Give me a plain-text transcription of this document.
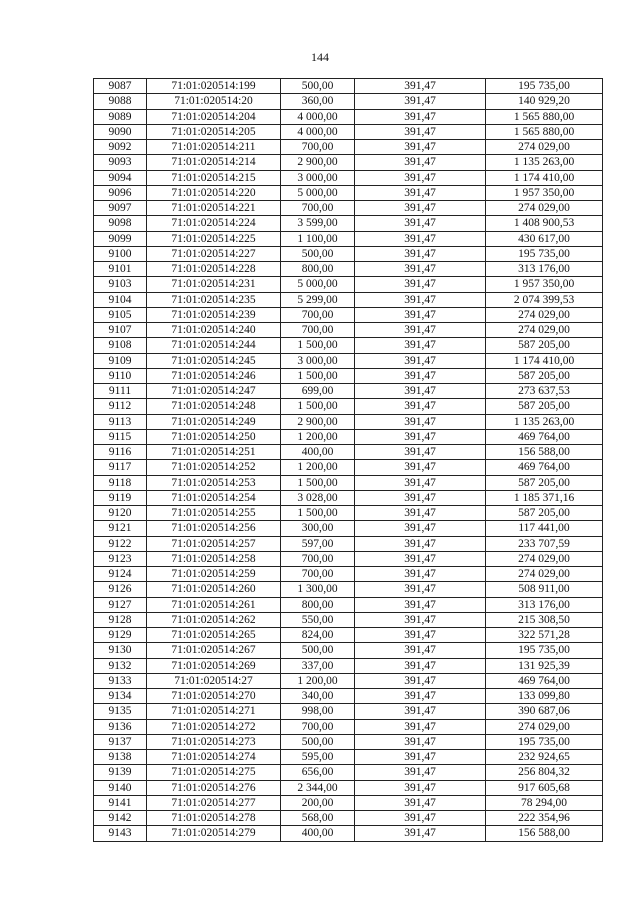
144
9087	71:01:020514:199	500,00	391,47	195 735,00
9088	71:01:020514:20	360,00	391,47	140 929,20
9089	71:01:020514:204	4 000,00	391,47	1 565 880,00
9090	71:01:020514:205	4 000,00	391,47	1 565 880,00
9092	71:01:020514:211	700,00	391,47	274 029,00
9093	71:01:020514:214	2 900,00	391,47	1 135 263,00
9094	71:01:020514:215	3 000,00	391,47	1 174 410,00
9096	71:01:020514:220	5 000,00	391,47	1 957 350,00
9097	71:01:020514:221	700,00	391,47	274 029,00
9098	71:01:020514:224	3 599,00	391,47	1 408 900,53
9099	71:01:020514:225	1 100,00	391,47	430 617,00
9100	71:01:020514:227	500,00	391,47	195 735,00
9101	71:01:020514:228	800,00	391,47	313 176,00
9103	71:01:020514:231	5 000,00	391,47	1 957 350,00
9104	71:01:020514:235	5 299,00	391,47	2 074 399,53
9105	71:01:020514:239	700,00	391,47	274 029,00
9107	71:01:020514:240	700,00	391,47	274 029,00
9108	71:01:020514:244	1 500,00	391,47	587 205,00
9109	71:01:020514:245	3 000,00	391,47	1 174 410,00
9110	71:01:020514:246	1 500,00	391,47	587 205,00
9111	71:01:020514:247	699,00	391,47	273 637,53
9112	71:01:020514:248	1 500,00	391,47	587 205,00
9113	71:01:020514:249	2 900,00	391,47	1 135 263,00
9115	71:01:020514:250	1 200,00	391,47	469 764,00
9116	71:01:020514:251	400,00	391,47	156 588,00
9117	71:01:020514:252	1 200,00	391,47	469 764,00
9118	71:01:020514:253	1 500,00	391,47	587 205,00
9119	71:01:020514:254	3 028,00	391,47	1 185 371,16
9120	71:01:020514:255	1 500,00	391,47	587 205,00
9121	71:01:020514:256	300,00	391,47	117 441,00
9122	71:01:020514:257	597,00	391,47	233 707,59
9123	71:01:020514:258	700,00	391,47	274 029,00
9124	71:01:020514:259	700,00	391,47	274 029,00
9126	71:01:020514:260	1 300,00	391,47	508 911,00
9127	71:01:020514:261	800,00	391,47	313 176,00
9128	71:01:020514:262	550,00	391,47	215 308,50
9129	71:01:020514:265	824,00	391,47	322 571,28
9130	71:01:020514:267	500,00	391,47	195 735,00
9132	71:01:020514:269	337,00	391,47	131 925,39
9133	71:01:020514:27	1 200,00	391,47	469 764,00
9134	71:01:020514:270	340,00	391,47	133 099,80
9135	71:01:020514:271	998,00	391,47	390 687,06
9136	71:01:020514:272	700,00	391,47	274 029,00
9137	71:01:020514:273	500,00	391,47	195 735,00
9138	71:01:020514:274	595,00	391,47	232 924,65
9139	71:01:020514:275	656,00	391,47	256 804,32
9140	71:01:020514:276	2 344,00	391,47	917 605,68
9141	71:01:020514:277	200,00	391,47	78 294,00
9142	71:01:020514:278	568,00	391,47	222 354,96
9143	71:01:020514:279	400,00	391,47	156 588,00
